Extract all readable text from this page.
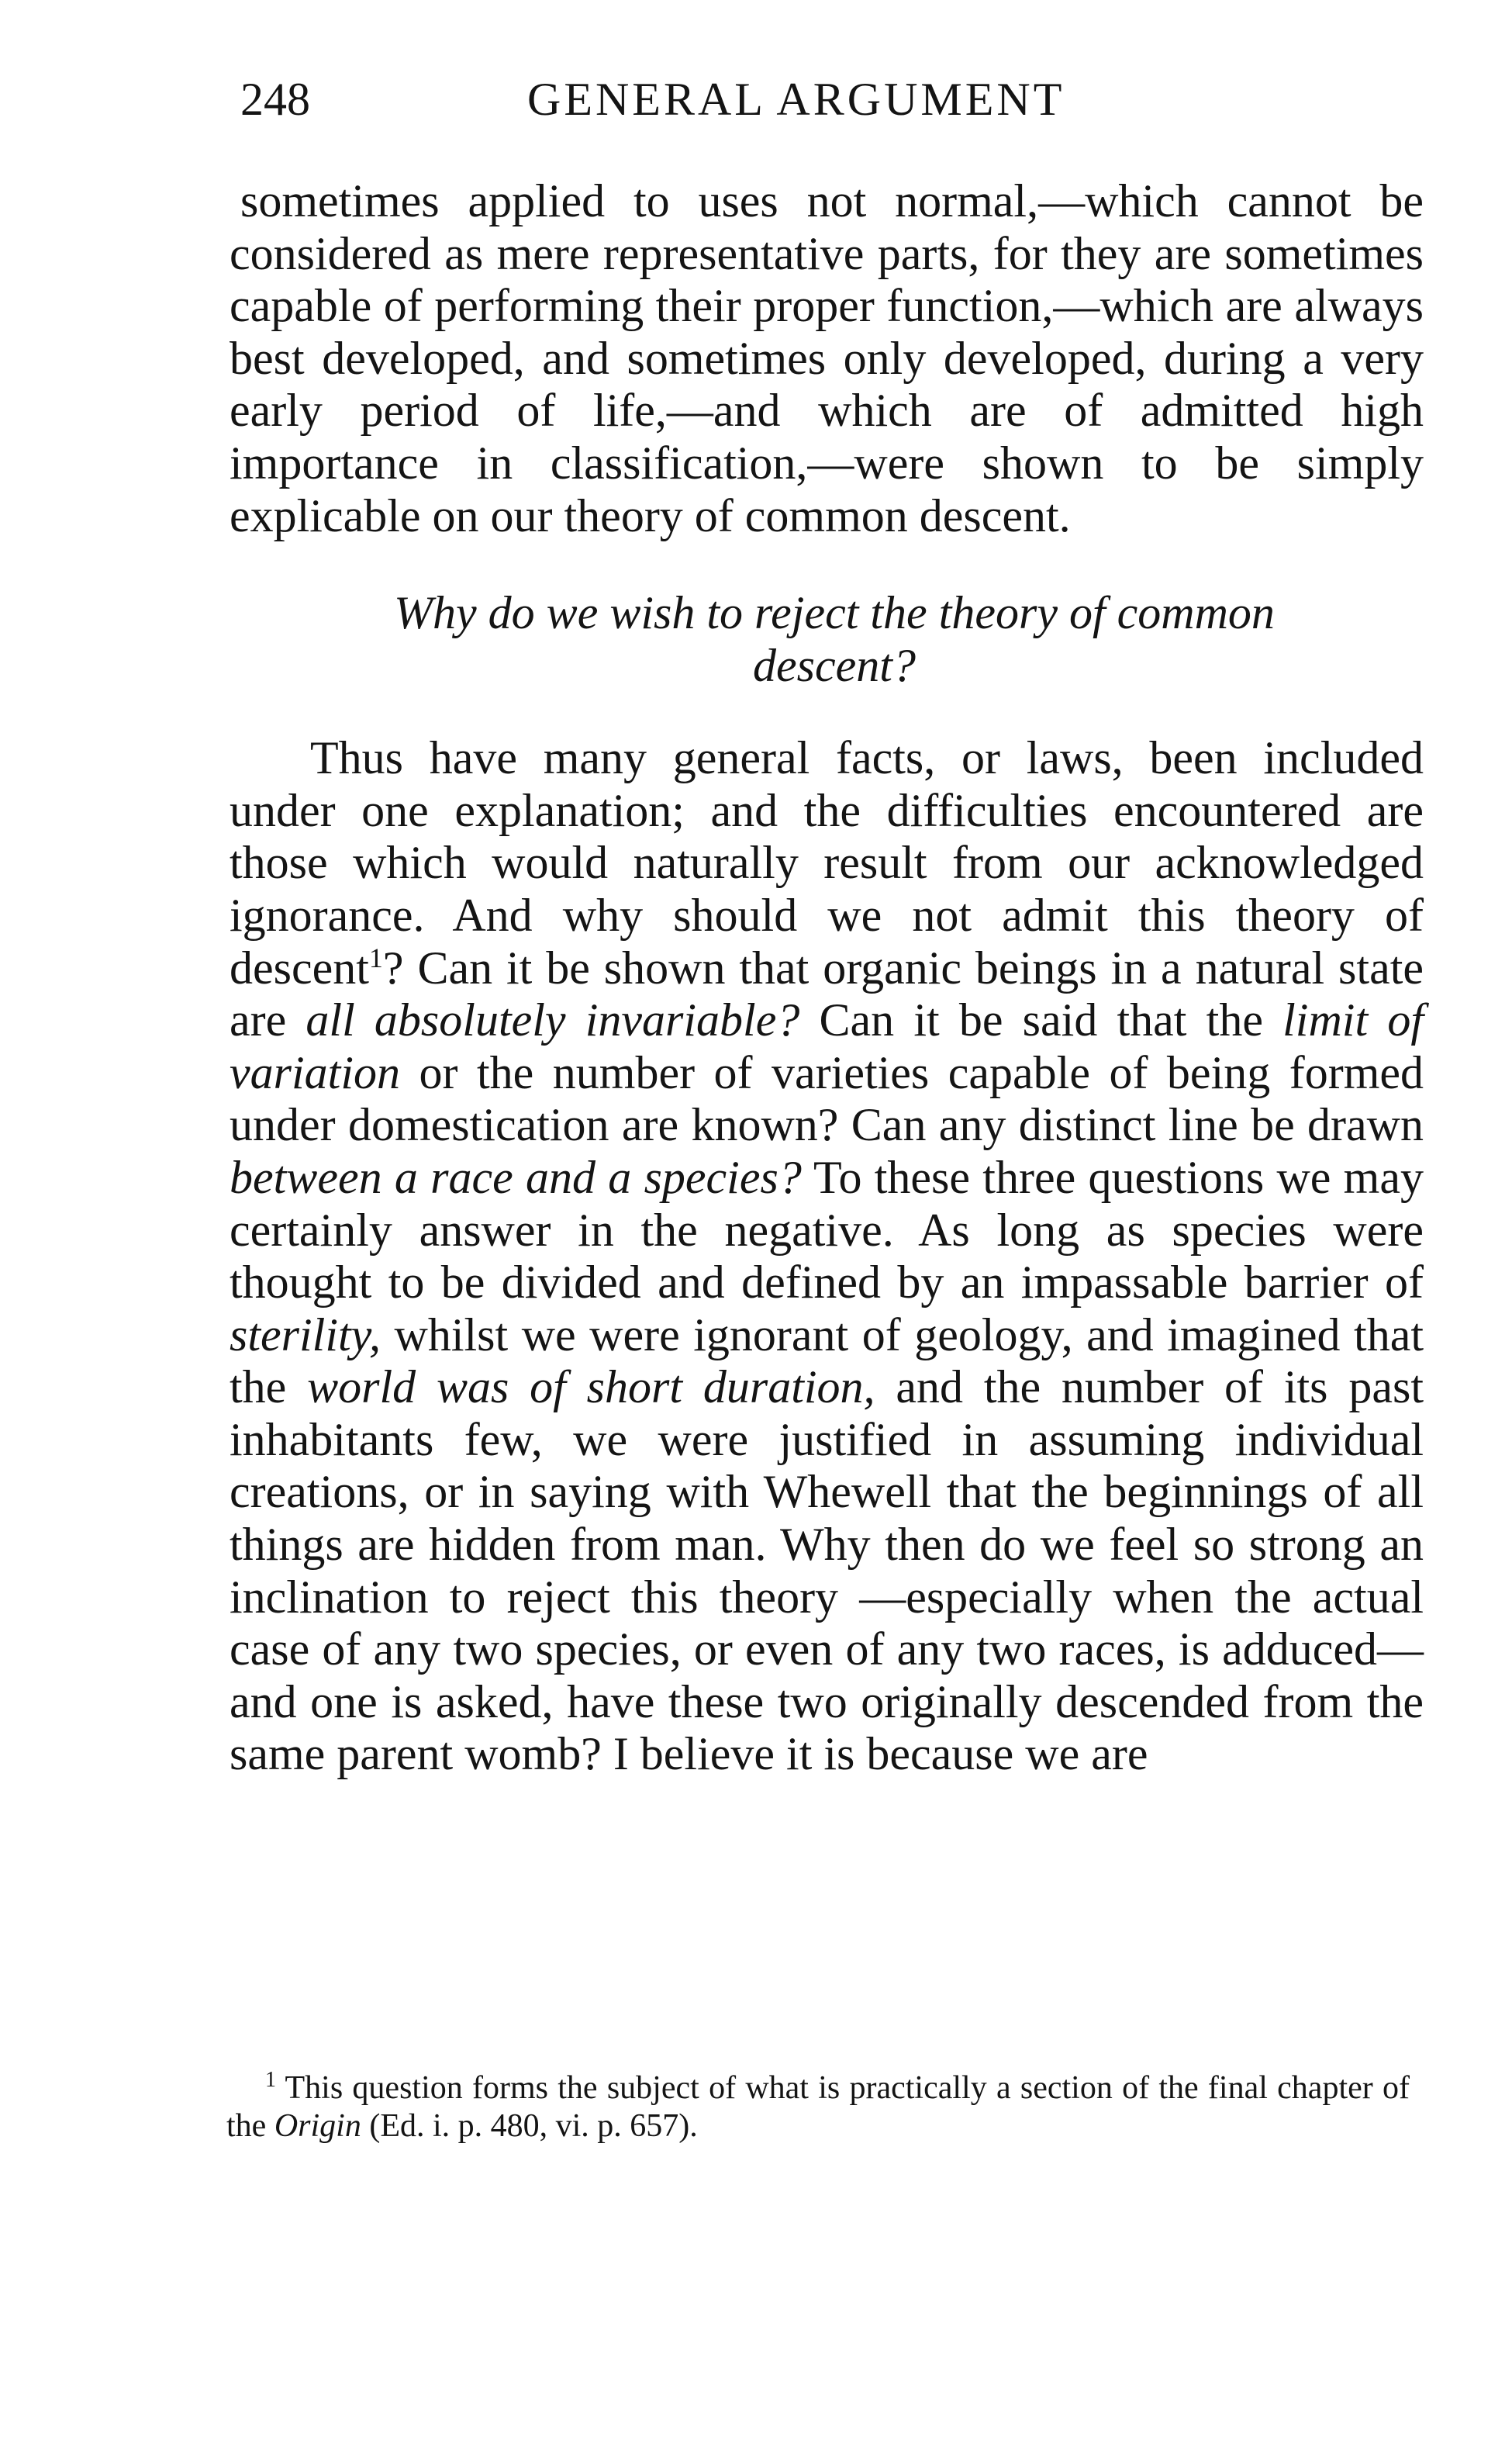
248	GENERAL ARGUMENT

sometimes applied to uses not normal,—which cannot be considered as mere representative parts, for they are sometimes capable of performing their proper function,—which are always best developed, and sometimes only developed, during a very early period of life,—and which are of admitted high importance in classification,—were shown to be simply explicable on our theory of common descent.

Why do we wish to reject the theory of common descent?

Thus have many general facts, or laws, been included under one explanation; and the difficulties encountered are those which would naturally result from our acknowledged ignorance. And why should we not admit this theory of descent$^1$? Can it be shown that organic beings in a natural state are all absolutely invariable? Can it be said that the limit of variation or the number of varieties capable of being formed under domestication are known? Can any distinct line be drawn between a race and a species? To these three questions we may certainly answer in the negative. As long as species were thought to be divided and defined by an impassable barrier of sterility, whilst we were ignorant of geology, and imagined that the world was of short duration, and the number of its past inhabitants few, we were justified in assuming individual creations, or in saying with Whewell that the beginnings of all things are hidden from man. Why then do we feel so strong an inclination to reject this theory —especially when the actual case of any two species, or even of any two races, is adduced—and one is asked, have these two originally descended from the same parent womb? I believe it is because we are

$^1$ This question forms the subject of what is practically a section of the final chapter of the Origin (Ed. i. p. 480, vi. p. 657).
